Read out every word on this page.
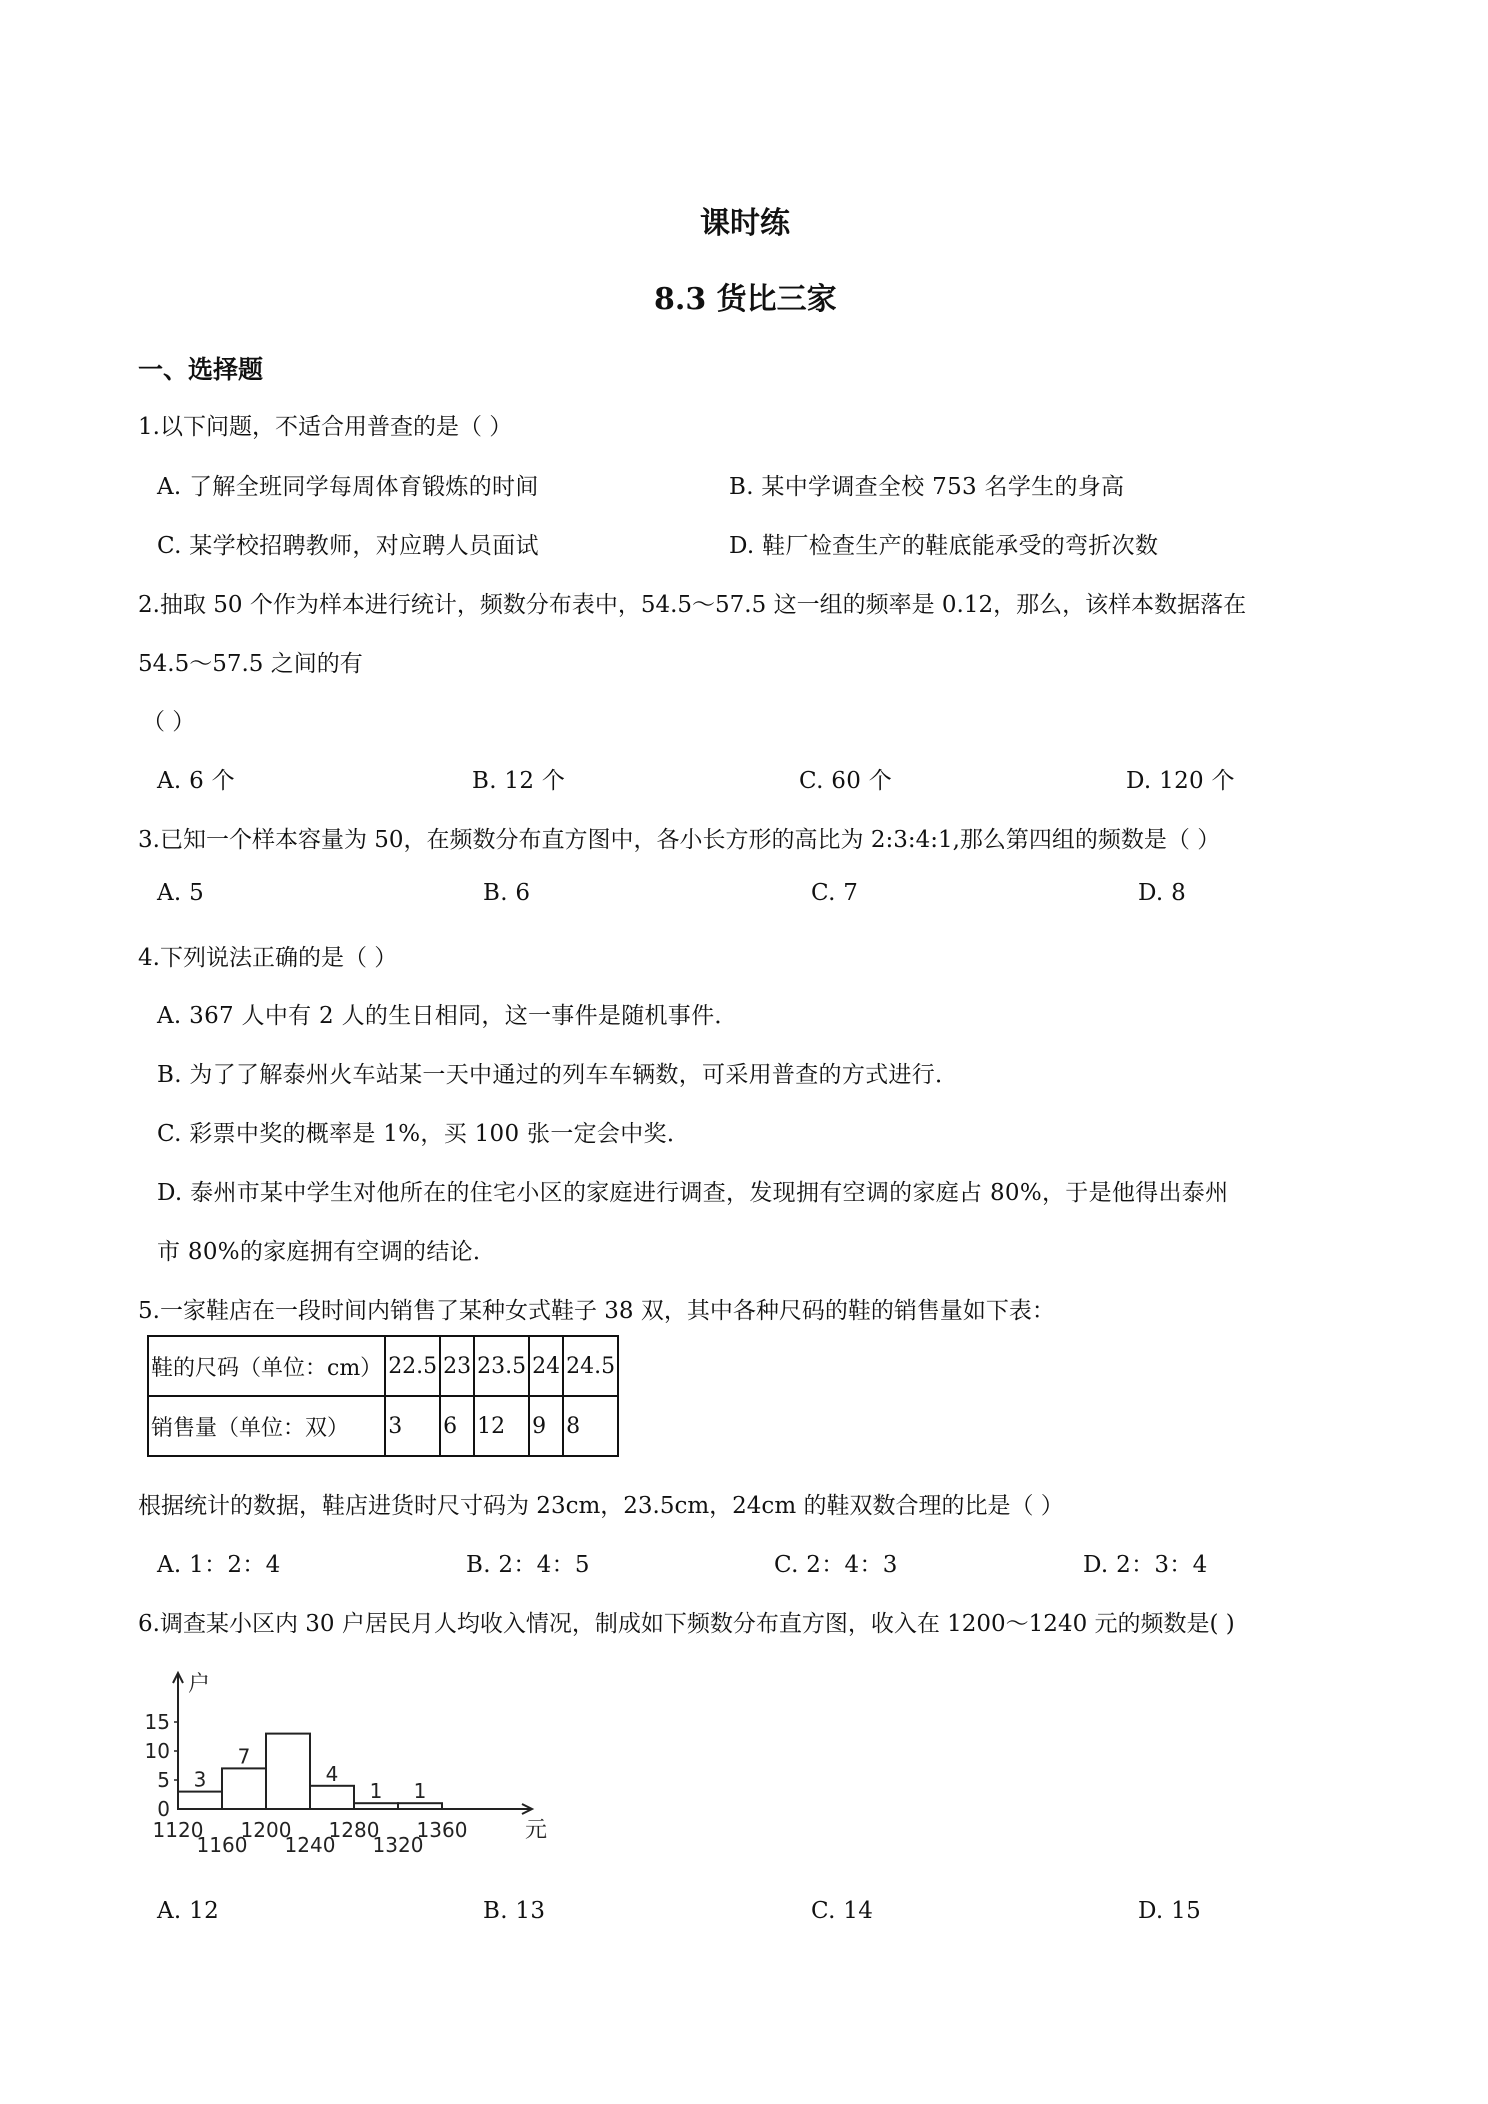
课时练
8.3 货比三家
一、选择题
1.以下问题，不适合用普查的是（ ）
A. 了解全班同学每周体育锻炼的时间	B. 某中学调查全校 753 名学生的身高
C. 某学校招聘教师，对应聘人员面试	D. 鞋厂检查生产的鞋底能承受的弯折次数
2.抽取 50 个作为样本进行统计，频数分布表中，54.5～57.5 这一组的频率是 0.12，那么，该样本数据落在
54.5～57.5 之间的有
（ ）
A. 6 个	B. 12 个	C. 60 个	D. 120 个
3.已知一个样本容量为 50，在频数分布直方图中，各小长方形的高比为 2:3:4:1,那么第四组的频数是（ ）
A. 5	B. 6	C. 7	D. 8
4.下列说法正确的是（ ）
A. 367 人中有 2 人的生日相同，这一事件是随机事件．
B. 为了了解泰州火车站某一天中通过的列车车辆数，可采用普查的方式进行．
C. 彩票中奖的概率是 1%，买 100 张一定会中奖．
D. 泰州市某中学生对他所在的住宅小区的家庭进行调查，发现拥有空调的家庭占 80%，于是他得出泰州
市 80%的家庭拥有空调的结论．
5.一家鞋店在一段时间内销售了某种女式鞋子 38 双，其中各种尺码的鞋的销售量如下表：
鞋的尺码（单位：cm）	22.5	23	23.5	24	24.5
销售量（单位：双）	3	6	12	9	8
根据统计的数据，鞋店进货时尺寸码为 23cm，23.5cm，24cm 的鞋双数合理的比是（ ）
A. 1：2：4	B. 2：4：5	C. 2：4：3	D. 2：3：4
6.调查某小区内 30 户居民月人均收入情况，制成如下频数分布直方图，收入在 1200～1240 元的频数是( )
户
元
0
5
10
15
3
7
4
1 1
1120
1160
1200
1240
1280
1320
1360
A. 12	B. 13	C. 14	D. 15
